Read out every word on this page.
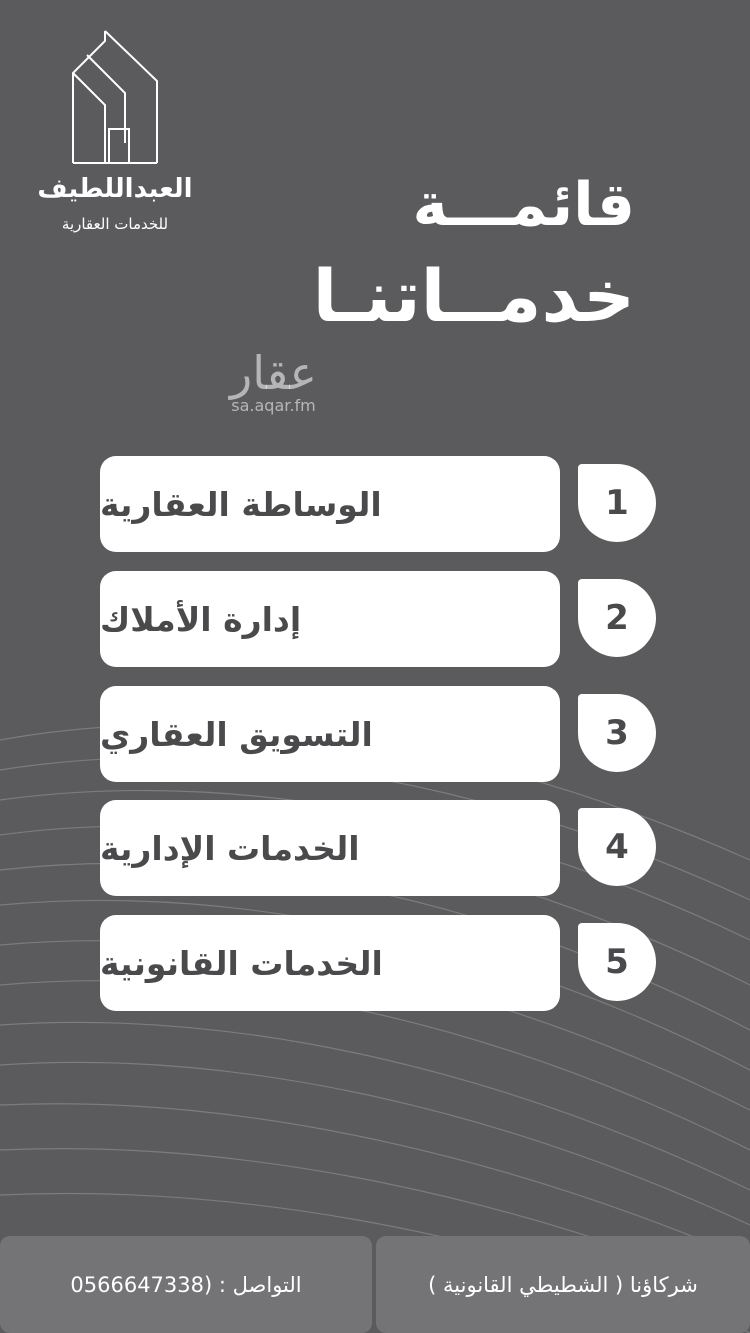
العبداللطيف
للخدمات العقارية	قائمـــة
خدمــاتنـا
عقار
sa.aqar.fm
الوساطة العقارية	1
إدارة الأملاك	2
التسويق العقاري	3
الخدمات الإدارية	4
الخدمات القانونية	5
التواصل : (0566647338	شركاؤنا ( الشطيطي القانونية )
